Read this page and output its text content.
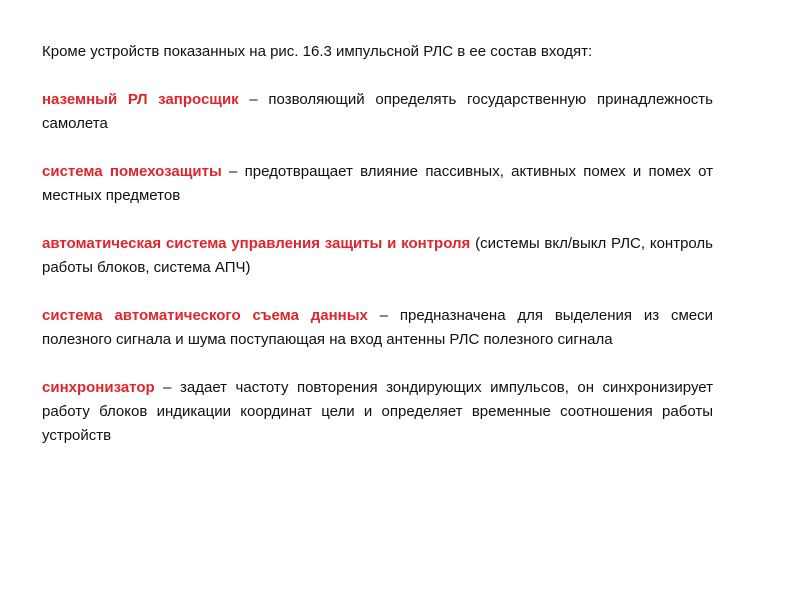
Кроме устройств показанных на рис. 16.3 импульсной РЛС в ее состав входят:

наземный РЛ запросщик – позволяющий определять государственную принадлежность самолета

система помехозащиты – предотвращает влияние пассивных, активных помех и помех от местных предметов

автоматическая система управления защиты и контроля (системы вкл/выкл РЛС, контроль работы блоков, система АПЧ)

система автоматического съема данных – предназначена для выделения из смеси полезного сигнала и шума поступающая на вход антенны РЛС полезного сигнала

синхронизатор – задает частоту повторения зондирующих импульсов, он синхронизирует работу блоков индикации координат цели и определяет временные соотношения работы устройств
